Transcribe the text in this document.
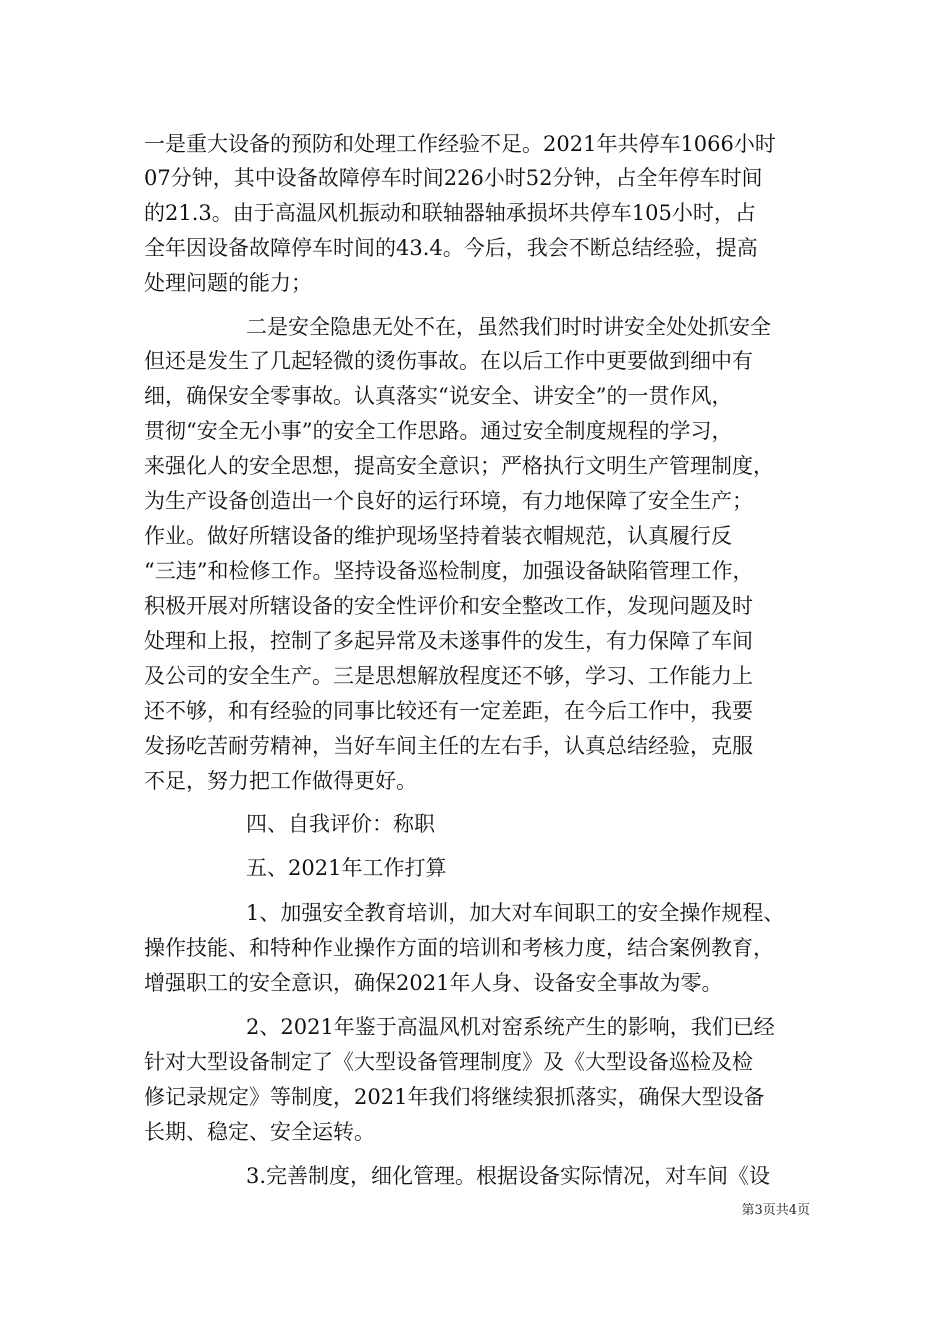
一是重大设备的预防和处理工作经验不足。2021年共停车1066小时
07分钟，其中设备故障停车时间226小时52分钟，占全年停车时间
的21.3。由于高温风机振动和联轴器轴承损坏共停车105小时，占
全年因设备故障停车时间的43.4。今后，我会不断总结经验，提高
处理问题的能力；
二是安全隐患无处不在，虽然我们时时讲安全处处抓安全
但还是发生了几起轻微的烫伤事故。在以后工作中更要做到细中有
细，确保安全零事故。认真落实“说安全、讲安全”的一贯作风，
贯彻“安全无小事”的安全工作思路。通过安全制度规程的学习，
来强化人的安全思想，提高安全意识；严格执行文明生产管理制度，
为生产设备创造出一个良好的运行环境，有力地保障了安全生产；
作业。做好所辖设备的维护现场坚持着装衣帽规范，认真履行反
“三违”和检修工作。坚持设备巡检制度，加强设备缺陷管理工作，
积极开展对所辖设备的安全性评价和安全整改工作，发现问题及时
处理和上报，控制了多起异常及未遂事件的发生，有力保障了车间
及公司的安全生产。三是思想解放程度还不够，学习、工作能力上
还不够，和有经验的同事比较还有一定差距，在今后工作中，我要
发扬吃苦耐劳精神，当好车间主任的左右手，认真总结经验，克服
不足，努力把工作做得更好。
四、自我评价：称职
五、2021年工作打算
1、加强安全教育培训，加大对车间职工的安全操作规程、
操作技能、和特种作业操作方面的培训和考核力度，结合案例教育，
增强职工的安全意识，确保2021年人身、设备安全事故为零。
2、2021年鉴于高温风机对窑系统产生的影响，我们已经
针对大型设备制定了《大型设备管理制度》及《大型设备巡检及检
修记录规定》等制度，2021年我们将继续狠抓落实，确保大型设备
长期、稳定、安全运转。
3.完善制度，细化管理。根据设备实际情况，对车间《设
第3页共4页
